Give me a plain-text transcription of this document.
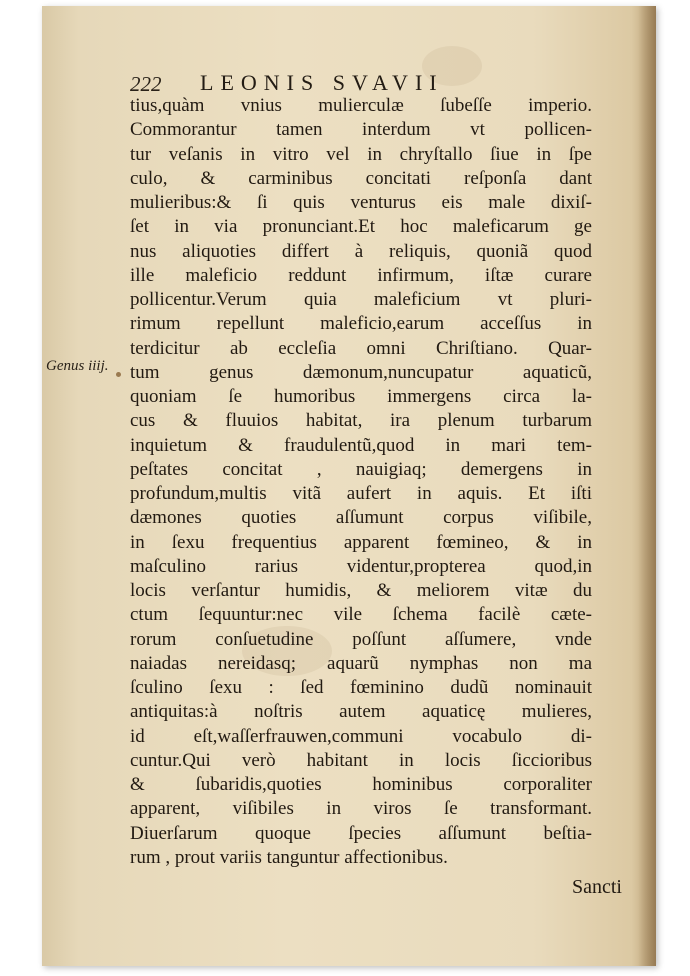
222 LEONIS SVAVII
Genus iiij.
tius,quàm vnius mulierculæ ſubeſſe imperio.
Commorantur tamen interdum vt pollicen-
tur veſanis in vitro vel in chryſtallo ſiue in ſpe
culo, & carminibus concitati reſponſa dant
mulieribus:& ſi quis venturus eis male dixiſ-
ſet in via pronunciant.Et hoc maleficarum ge
nus aliquoties differt à reliquis, quoniã quod
ille maleficio reddunt infirmum, iſtæ curare
pollicentur.Verum quia maleficium vt pluri-
rimum repellunt maleficio,earum acceſſus in
terdicitur ab eccleſia omni Chriſtiano. Quar-
tum genus dæmonum,nuncupatur aquaticũ,
quoniam ſe humoribus immergens circa la-
cus & fluuios habitat, ira plenum turbarum
inquietum & fraudulentũ,quod in mari tem-
peſtates concitat , nauigiaq; demergens in
profundum,multis vitã aufert in aquis. Et iſti
dæmones quoties aſſumunt corpus viſibile,
in ſexu frequentius apparent fœmineo, & in
maſculino rarius videntur,propterea quod,in
locis verſantur humidis, & meliorem vitæ du
ctum ſequuntur:nec vile ſchema facilè cæte-
rorum conſuetudine poſſunt aſſumere, vnde
naiadas nereidasq; aquarũ nymphas non ma
ſculino ſexu : ſed fœminino dudũ nominauit
antiquitas:à noſtris autem aquaticę mulieres,
id eſt,waſſerfrauwen,communi vocabulo di-
cuntur.Qui verò habitant in locis ſiccioribus
& ſubaridis,quoties hominibus corporaliter
apparent, viſibiles in viros ſe transformant.
Diuerſarum quoque ſpecies aſſumunt beſtia-
rum , prout variis tanguntur affectionibus.
Sancti
